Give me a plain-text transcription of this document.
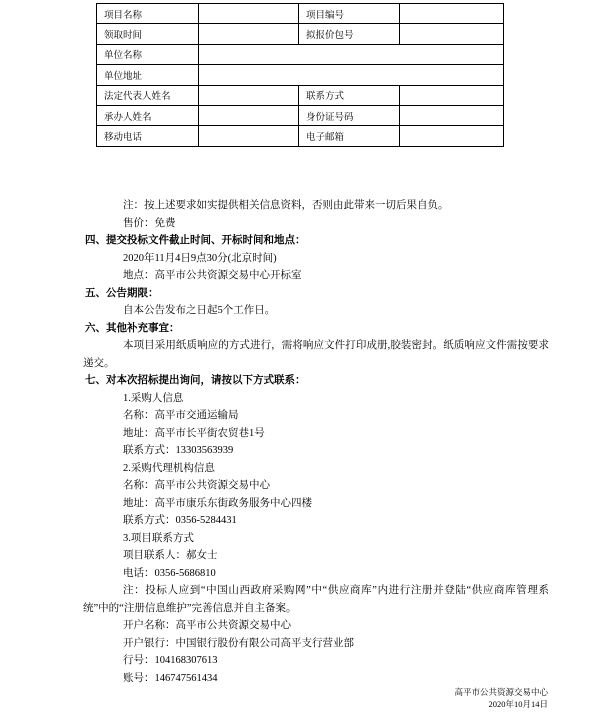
项目名称		项目编号	
领取时间		拟报价包号	
单位名称			
单位地址			
法定代表人姓名		联系方式	
承办人姓名		身份证号码	
移动电话		电子邮箱	

注：按上述要求如实提供相关信息资料，否则由此带来一切后果自负。

售价：免费

四、提交投标文件截止时间、开标时间和地点：

2020年11月4日9点30分(北京时间)

地点：高平市公共资源交易中心开标室

五、公告期限：

自本公告发布之日起5个工作日。

六、其他补充事宜：

本项目采用纸质响应的方式进行，需将响应文件打印成册,胶装密封。纸质响应文件需按要求递交。

七、对本次招标提出询问，请按以下方式联系：

1.采购人信息

名称：高平市交通运输局

地址：高平市长平街农贸巷1号

联系方式：13303563939

2.采购代理机构信息

名称：高平市公共资源交易中心

地址：高平市康乐东街政务服务中心四楼

联系方式：0356-5284431

3.项目联系方式

项目联系人：郝女士

电话：0356-5686810

注：投标人应到“中国山西政府采购网”中“供应商库”内进行注册并登陆“供应商库管理系统”中的“注册信息维护”完善信息并自主备案。

开户名称：高平市公共资源交易中心

开户银行：中国银行股份有限公司高平支行营业部

行号：104168307613

账号：146747561434

高平市公共资源交易中心

2020年10月14日
